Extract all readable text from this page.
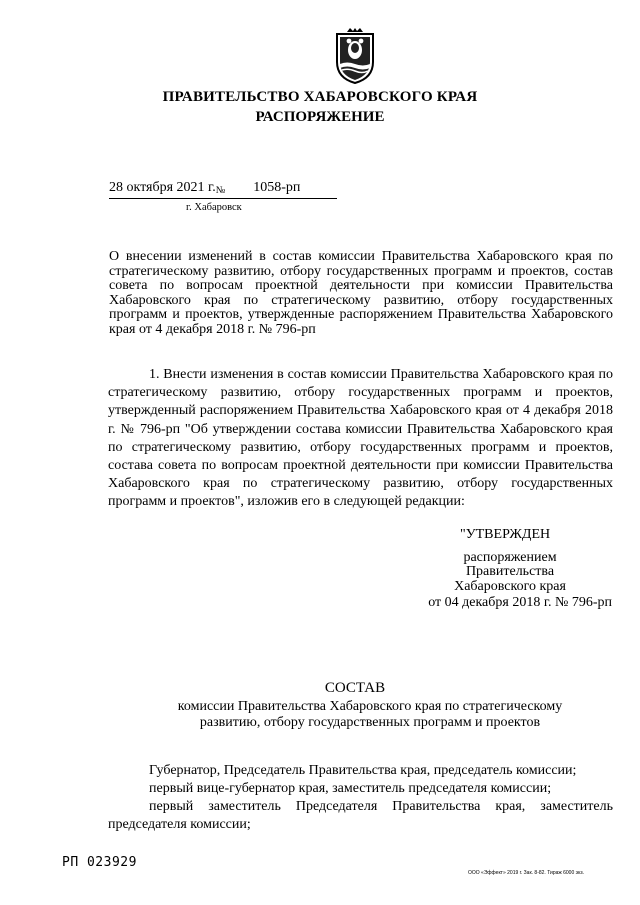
ПРАВИТЕЛЬСТВО ХАБАРОВСКОГО КРАЯ
РАСПОРЯЖЕНИЕ
28 октября 2021 г.№ 1058-рп
г. Хабаровск
О внесении изменений в состав комиссии Правительства Хабаровского края по стратегическому развитию, отбору государственных программ и проектов, состав совета по вопросам проектной деятельности при комиссии Правительства Хабаровского края по стратегическому развитию, отбору государственных программ и проектов, утвержденные распоряжением Правительства Хабаровского края от 4 декабря 2018 г. № 796-рп
1. Внести изменения в состав комиссии Правительства Хабаровского края по стратегическому развитию, отбору государственных программ и проектов, утвержденный распоряжением Правительства Хабаровского края от 4 декабря 2018 г. № 796-рп "Об утверждении состава комиссии Правительства Хабаровского края по стратегическому развитию, отбору государственных программ и проектов, состава совета по вопросам проектной деятельности при комиссии Правительства Хабаровского края по стратегическому развитию, отбору государственных программ и проектов", изложив его в следующей редакции:
"УТВЕРЖДЕН
распоряжением
Правительства
Хабаровского края
от 04 декабря 2018 г. № 796-рп
СОСТАВ
комиссии Правительства Хабаровского края по стратегическому развитию, отбору государственных программ и проектов
Губернатор, Председатель Правительства края, председатель комиссии;
первый вице-губернатор края, заместитель председателя комиссии;
первый заместитель Председателя Правительства края, заместитель председателя комиссии;
РП 023929
ООО «Эффект» 2019 г. Зак. 8-82. Тираж 6000 экз.
